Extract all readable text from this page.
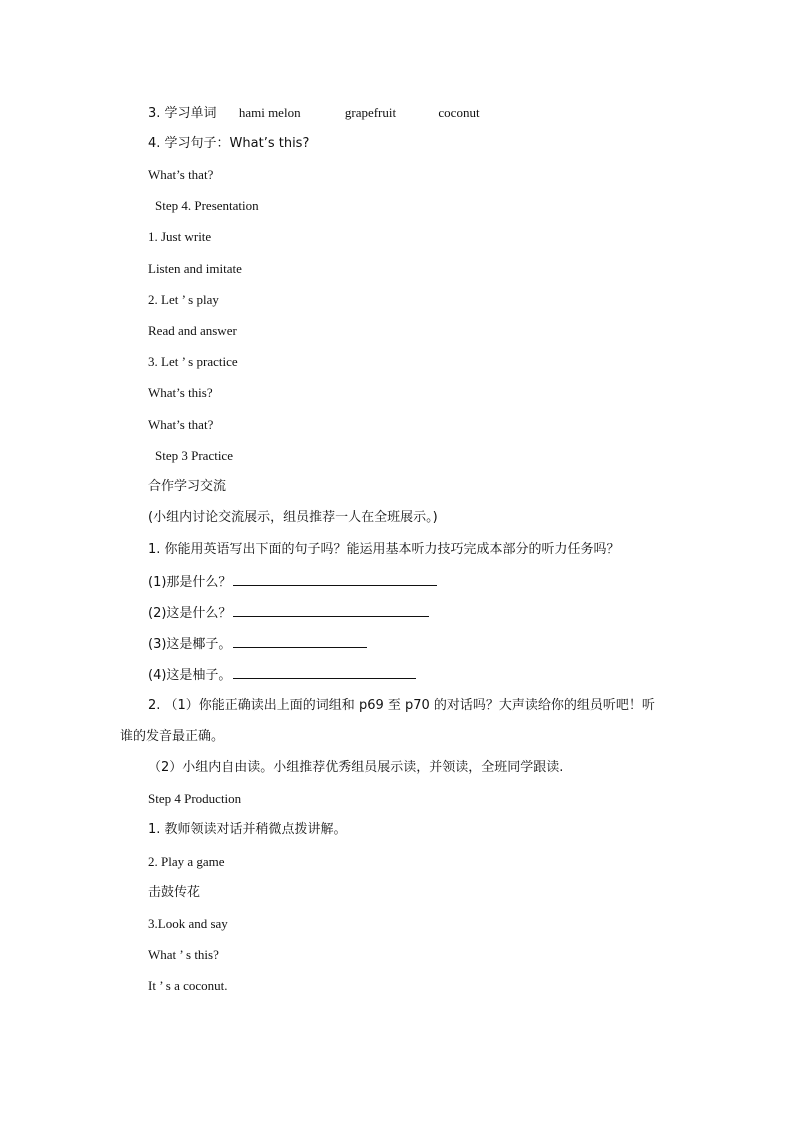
3. 学习单词 hami melon	grapefruit	coconut
4. 学习句子：What’s this?
What’s that?
Step 4. Presentation
1. Just write
Listen and imitate
2. Let ’ s play
Read and answer
3. Let ’ s practice
What’s this?
What’s that?
Step 3 Practice
合作学习交流
(小组内讨论交流展示，组员推荐一人在全班展示。)
1. 你能用英语写出下面的句子吗？能运用基本听力技巧完成本部分的听力任务吗？
(1)那是什么？
(2)这是什么？
(3)这是椰子。
(4)这是柚子。
2. （1）你能正确读出上面的词组和 p69 至 p70 的对话吗？大声读给你的组员听吧！听
谁的发音最正确。
（2）小组内自由读。小组推荐优秀组员展示读，并领读，全班同学跟读.
Step 4 Production
1. 教师领读对话并稍微点拨讲解。
2. Play a game
击鼓传花
3.Look and say
What ’ s this?
It ’ s a coconut.
